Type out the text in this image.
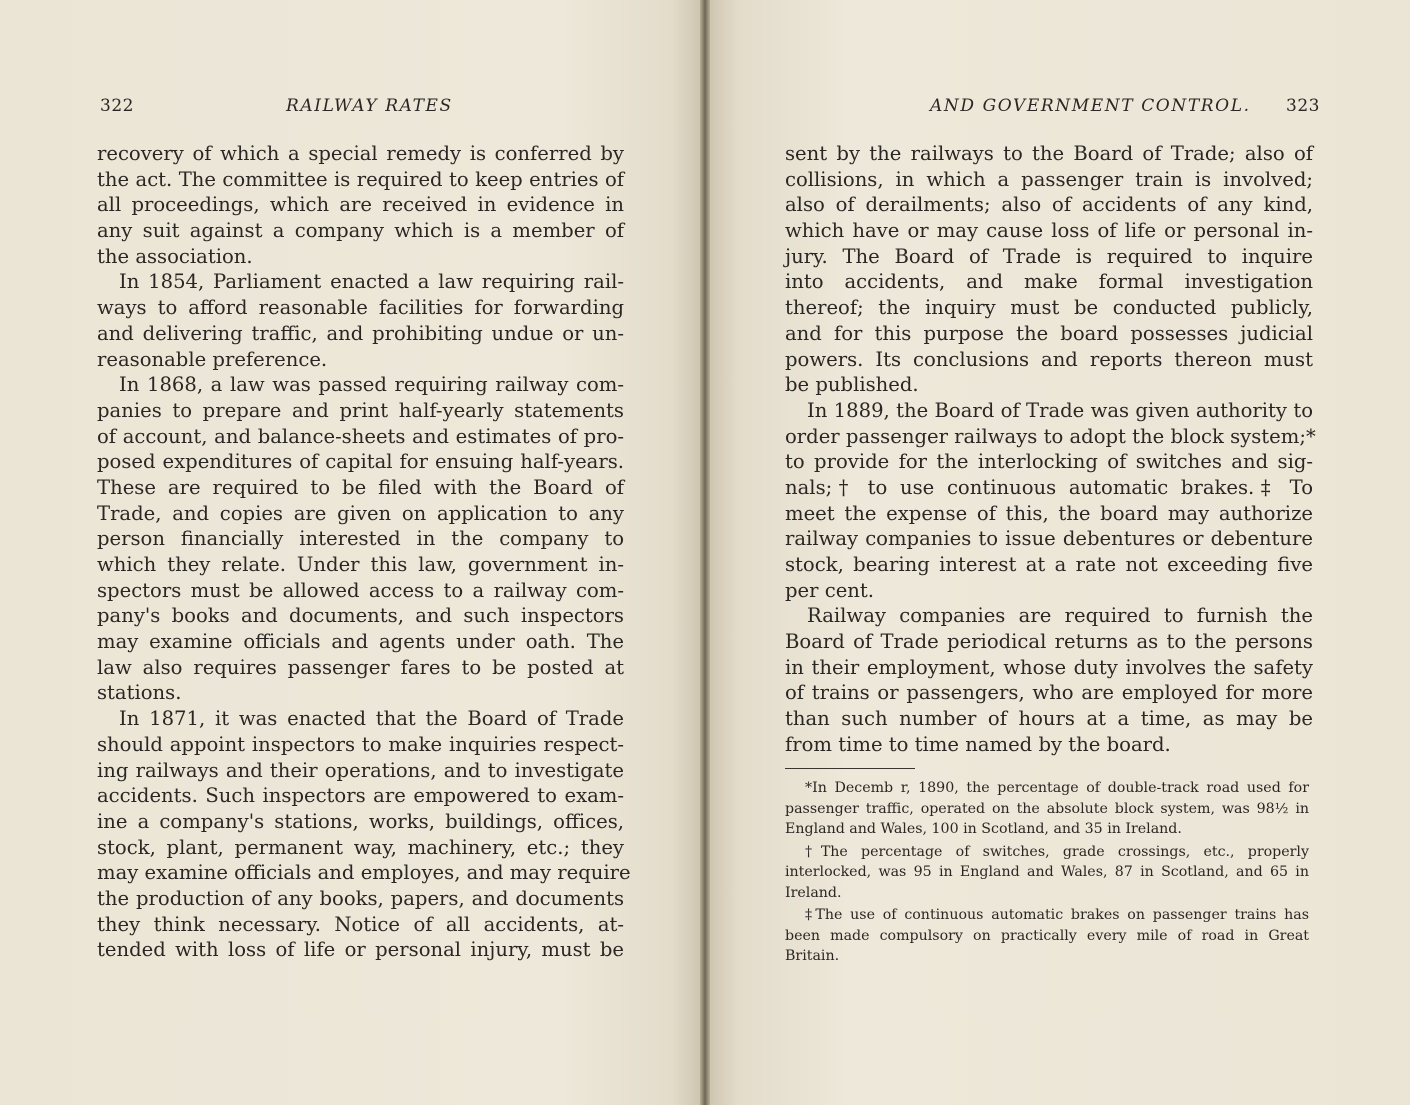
322	RAILWAY RATES
recovery of which a special remedy is conferred by
the act. The committee is required to keep entries of
all proceedings, which are received in evidence in
any suit against a company which is a member of
the association.
In 1854, Parliament enacted a law requiring rail-
ways to afford reasonable facilities for forwarding
and delivering traffic, and prohibiting undue or un-
reasonable preference.
In 1868, a law was passed requiring railway com-
panies to prepare and print half-yearly statements
of account, and balance-sheets and estimates of pro-
posed expenditures of capital for ensuing half-years.
These are required to be filed with the Board of
Trade, and copies are given on application to any
person financially interested in the company to
which they relate. Under this law, government in-
spectors must be allowed access to a railway com-
pany's books and documents, and such inspectors
may examine officials and agents under oath. The
law also requires passenger fares to be posted at
stations.
In 1871, it was enacted that the Board of Trade
should appoint inspectors to make inquiries respect-
ing railways and their operations, and to investigate
accidents. Such inspectors are empowered to exam-
ine a company's stations, works, buildings, offices,
stock, plant, permanent way, machinery, etc.; they
may examine officials and employes, and may require
the production of any books, papers, and documents
they think necessary. Notice of all accidents, at-
tended with loss of life or personal injury, must be
AND GOVERNMENT CONTROL. 323
sent by the railways to the Board of Trade; also of
collisions, in which a passenger train is involved;
also of derailments; also of accidents of any kind,
which have or may cause loss of life or personal in-
jury. The Board of Trade is required to inquire
into accidents, and make formal investigation
thereof; the inquiry must be conducted publicly,
and for this purpose the board possesses judicial
powers. Its conclusions and reports thereon must
be published.
In 1889, the Board of Trade was given authority to
order passenger railways to adopt the block system;*
to provide for the interlocking of switches and sig-
nals;† to use continuous automatic brakes.‡ To
meet the expense of this, the board may authorize
railway companies to issue debentures or debenture
stock, bearing interest at a rate not exceeding five
per cent.
Railway companies are required to furnish the
Board of Trade periodical returns as to the persons
in their employment, whose duty involves the safety
of trains or passengers, who are employed for more
than such number of hours at a time, as may be
from time to time named by the board.
*In Decemb r, 1890, the percentage of double-track road used for
passenger traffic, operated on the absolute block system, was 98½ in
England and Wales, 100 in Scotland, and 35 in Ireland.
†The percentage of switches, grade crossings, etc., properly
interlocked, was 95 in England and Wales, 87 in Scotland, and 65 in
Ireland.
‡The use of continuous automatic brakes on passenger trains has
been made compulsory on practically every mile of road in Great
Britain.
